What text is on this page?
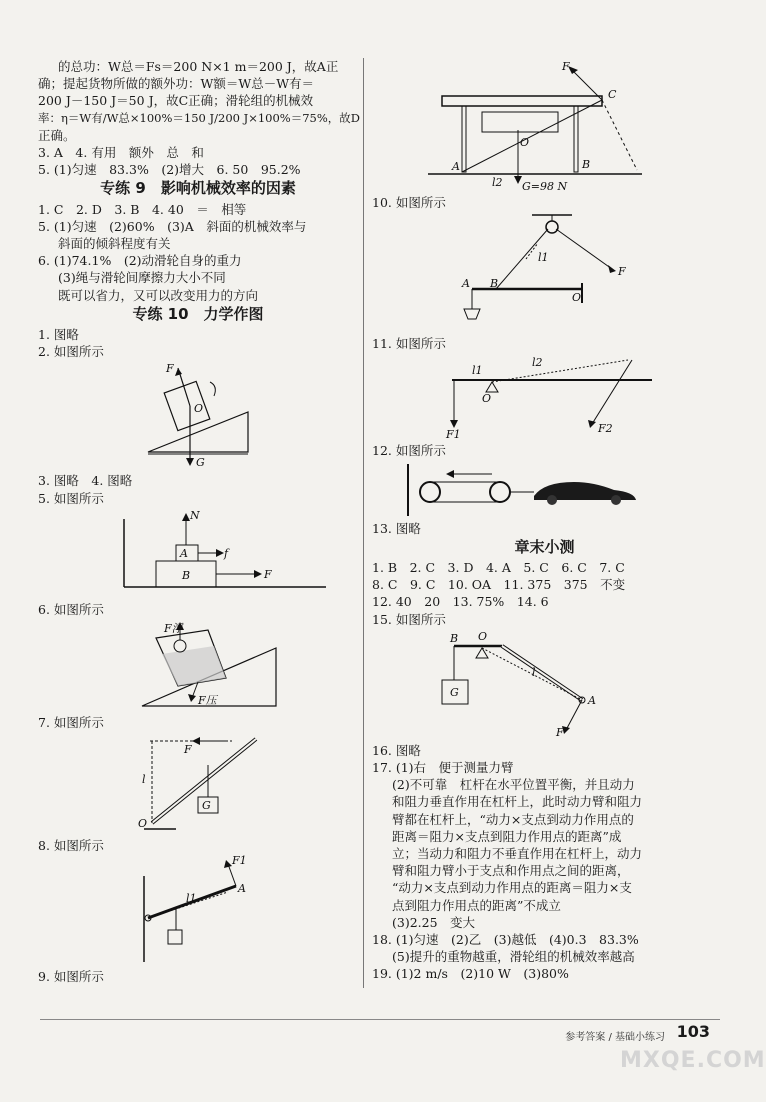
的总功：W总＝Fs＝200 N×1 m＝200 J，故A正
确；提起货物所做的额外功：W额＝W总－W有＝
200 J－150 J＝50 J，故C正确；滑轮组的机械效
率：η＝W有/W总×100%＝150 J/200 J×100%＝75%，故D
正确。
3. A　4. 有用　额外　总　和
5. (1)匀速　83.3%　(2)增大　6. 50　95.2%
专练 9　影响机械效率的因素
1. C　2. D　3. B　4. 40　＝　相等
5. (1)匀速　(2)60%　(3)A　斜面的机械效率与
斜面的倾斜程度有关
6. (1)74.1%　(2)动滑轮自身的重力
(3)绳与滑轮间摩擦力大小不同
既可以省力，又可以改变用力的方向
专练 10　力学作图
1. 图略
2. 如图所示
F
O
G
3. 图略　4. 图略
5. 如图所示
N
A	f
B	F
6. 如图所示
F浮
F压
7. 如图所示
F
l
G
O
8. 如图所示
F1
A
l1
9. 如图所示
F
C
A	B
l2 G=98 N
O
10. 如图所示
A B
O
F
l1
11. 如图所示
F1	F2
l1
l2
O
12. 如图所示
13. 图略
章末小测
1. B　2. C　3. D　4. A　5. C　6. C　7. C
8. C　9. C　10. OA　11. 375　375　不变
12. 40　20　13. 75%　14. 6
15. 如图所示
B O
G
A
l
F
16. 图略
17. (1)右　便于测量力臂
(2)不可靠　杠杆在水平位置平衡，并且动力
和阻力垂直作用在杠杆上，此时动力臂和阻力
臂都在杠杆上，“动力×支点到动力作用点的
距离＝阻力×支点到阻力作用点的距离”成
立；当动力和阻力不垂直作用在杠杆上，动力
臂和阻力臂小于支点和作用点之间的距离，
“动力×支点到动力作用点的距离＝阻力×支
点到阻力作用点的距离”不成立
(3)2.25　变大
18. (1)匀速　(2)乙　(3)越低　(4)0.3　83.3%
(5)提升的重物越重，滑轮组的机械效率越高
19. (1)2 m/s　(2)10 W　(3)80%
参考答案 / 基础小练习 103
MXQE.COM
